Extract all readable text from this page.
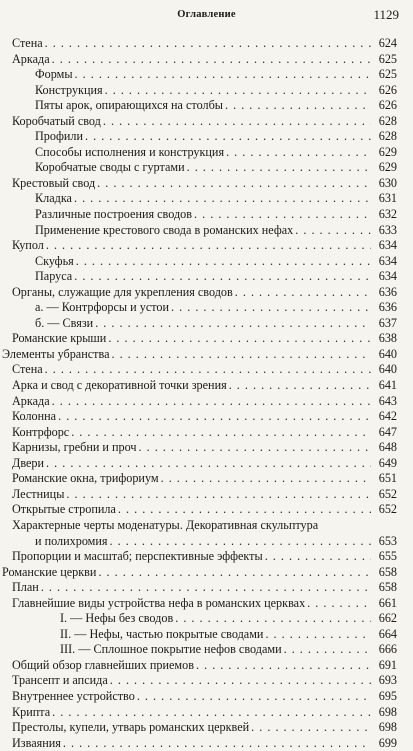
Оглавление	1129
Стена . . .	624
Аркада . . .	625
Формы . . .	625
Конструкция . . .	626
Пяты арок, опирающихся на столбы . . .	626
Коробчатый свод . . .	628
Профили . . .	628
Способы исполнения и конструкция . . .	629
Коробчатые своды с гуртами . . .	629
Крестовый свод . . .	630
Кладка . . .	631
Различные построения сводов . . .	632
Применение крестового свода в романских нефах . . .	633
Купол . . .	634
Скуфья . . .	634
Паруса . . .	634
Органы, служащие для укрепления сводов . . .	636
а. — Контрфорсы и устои . . .	636
б. — Связи . . .	637
Романские крыши . . .	638
Элементы убранства . . .	640
Стена . . .	640
Арка и свод с декоративной точки зрения . . .	641
Аркада . . .	643
Колонна . . .	642
Контрфорс . . .	647
Карнизы, гребни и проч . . .	648
Двери . . .	649
Романские окна, трифориум . . .	651
Лестницы . . .	652
Открытые стропила . . .	652
Характерные черты моденатуры. Декоративная скульптура
и полихромия . . .	653
Пропорции и масштаб; перспективные эффекты . . .	655
Романские церкви . . .	658
План . . .	658
Главнейшие виды устройства нефа в романских церквах . . .	661
I. — Нефы без сводов . . .	662
II. — Нефы, частью покрытые сводами . . .	664
III. — Сплошное покрытие нефов сводами . . .	666
Общий обзор главнейших приемов . . .	691
Трансепт и апсида . . .	693
Внутреннее устройство . . .	695
Крипта . . .	698
Престолы, купели, утварь романских церквей . . .	698
Изваяния . . .	699
